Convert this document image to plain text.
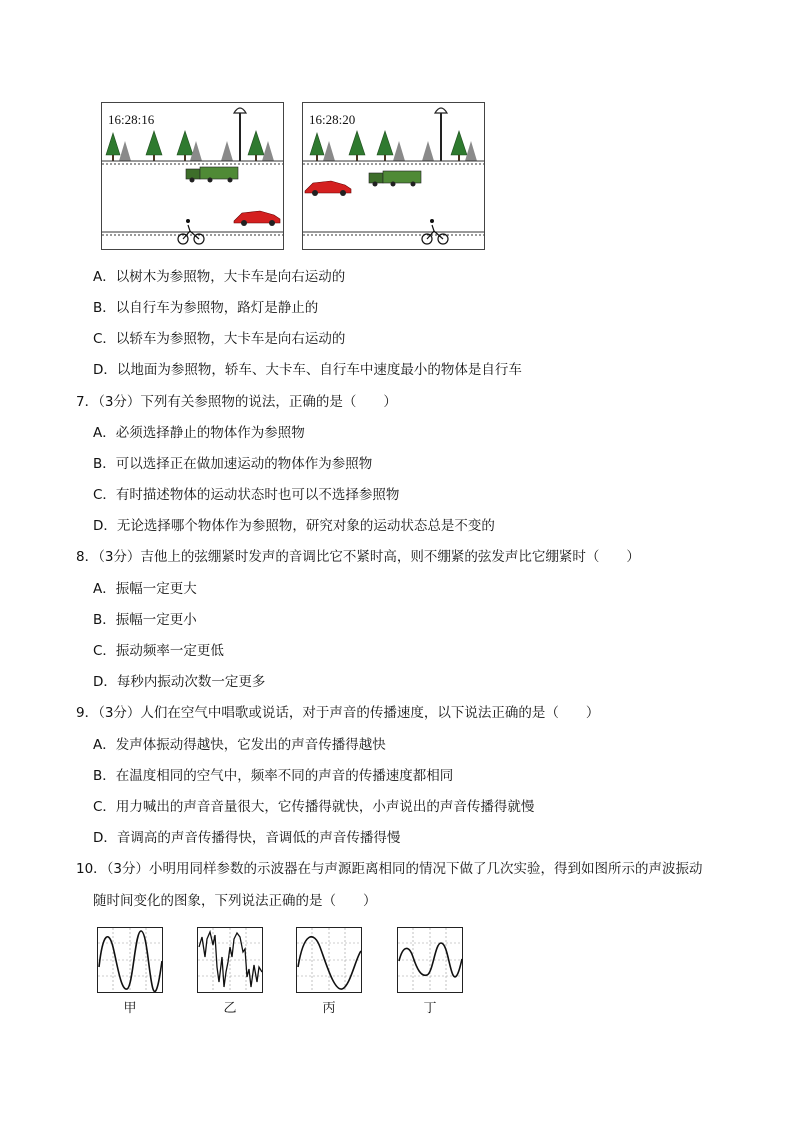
16:28:16	16:28:20
A．以树木为参照物，大卡车是向右运动的
B．以自行车为参照物，路灯是静止的
C．以轿车为参照物，大卡车是向右运动的
D．以地面为参照物，轿车、大卡车、自行车中速度最小的物体是自行车
7．（3分）下列有关参照物的说法，正确的是（　　）
A．必须选择静止的物体作为参照物
B．可以选择正在做加速运动的物体作为参照物
C．有时描述物体的运动状态时也可以不选择参照物
D．无论选择哪个物体作为参照物，研究对象的运动状态总是不变的
8．（3分）吉他上的弦绷紧时发声的音调比它不紧时高，则不绷紧的弦发声比它绷紧时（　　）
A．振幅一定更大
B．振幅一定更小
C．振动频率一定更低
D．每秒内振动次数一定更多
9．（3分）人们在空气中唱歌或说话，对于声音的传播速度，以下说法正确的是（　　）
A．发声体振动得越快，它发出的声音传播得越快
B．在温度相同的空气中，频率不同的声音的传播速度都相同
C．用力喊出的声音音量很大，它传播得就快，小声说出的声音传播得就慢
D．音调高的声音传播得快，音调低的声音传播得慢
10．（3分）小明用同样参数的示波器在与声源距离相同的情况下做了几次实验，得到如图所示的声波振动
随时间变化的图象，下列说法正确的是（　　）
甲	乙	丙	丁
